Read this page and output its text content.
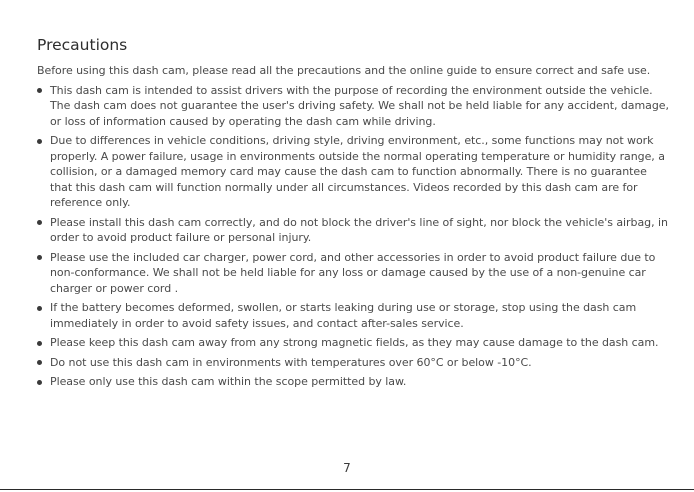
Precautions

Before using this dash cam, please read all the precautions and the online guide to ensure correct and safe use.

This dash cam is intended to assist drivers with the purpose of recording the environment outside the vehicle. The dash cam does not guarantee the user's driving safety. We shall not be held liable for any accident, damage, or loss of information caused by operating the dash cam while driving.
Due to differences in vehicle conditions, driving style, driving environment, etc., some functions may not work properly. A power failure, usage in environments outside the normal operating temperature or humidity range, a collision, or a damaged memory card may cause the dash cam to function abnormally. There is no guarantee that this dash cam will function normally under all circumstances. Videos recorded by this dash cam are for reference only.
Please install this dash cam correctly, and do not block the driver's line of sight, nor block the vehicle's airbag, in order to avoid product failure or personal injury.
Please use the included car charger, power cord, and other accessories in order to avoid product failure due to non-conformance. We shall not be held liable for any loss or damage caused by the use of a non-genuine car charger or power cord .
If the battery becomes deformed, swollen, or starts leaking during use or storage, stop using the dash cam immediately in order to avoid safety issues, and contact after-sales service.
Please keep this dash cam away from any strong magnetic fields, as they may cause damage to the dash cam.
Do not use this dash cam in environments with temperatures over 60°C or below -10°C.
Please only use this dash cam within the scope permitted by law.
7
